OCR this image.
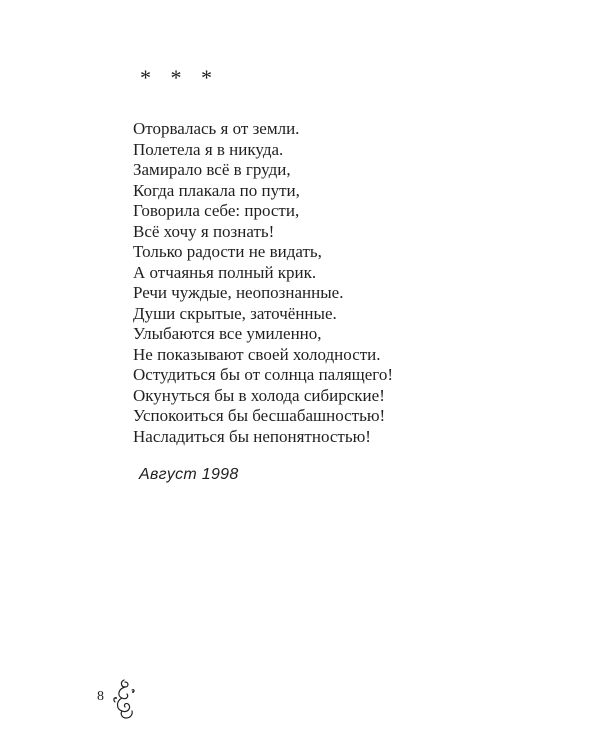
* * *
Оторвалась я от земли.
Полетела я в никуда.
Замирало всё в груди,
Когда плакала по пути,
Говорила себе: прости,
Всё хочу я познать!
Только радости не видать,
А отчаянья полный крик.
Речи чуждые, неопознанные.
Души скрытые, заточённые.
Улыбаются все умиленно,
Не показывают своей холодности.
Остудиться бы от солнца палящего!
Окунуться бы в холода сибирские!
Успокоиться бы бесшабашностью!
Насладиться бы непонятностью!
Август 1998
8
